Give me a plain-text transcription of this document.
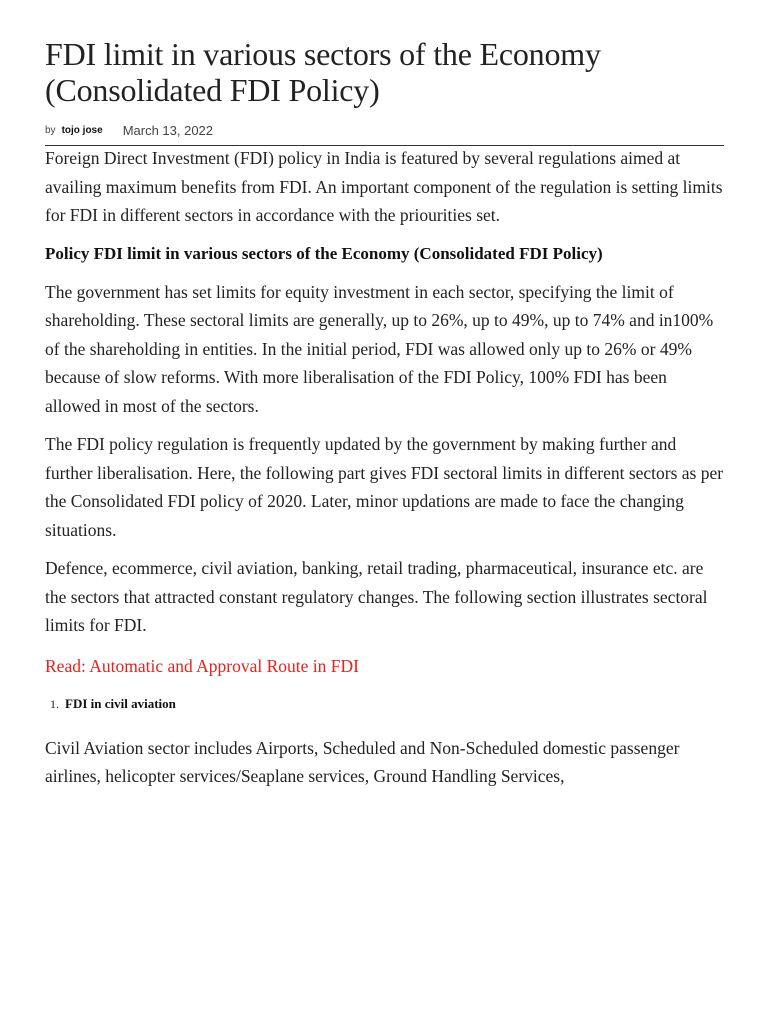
FDI limit in various sectors of the Economy (Consolidated FDI Policy)
by tojo jose March 13, 2022

Foreign Direct Investment (FDI) policy in India is featured by several regulations aimed at availing maximum benefits from FDI. An important component of the regulation is setting limits for FDI in different sectors in accordance with the priourities set.

Policy FDI limit in various sectors of the Economy (Consolidated FDI Policy)

The government has set limits for equity investment in each sector, specifying the limit of shareholding. These sectoral limits are generally, up to 26%, up to 49%, up to 74% and in100% of the shareholding in entities. In the initial period, FDI was allowed only up to 26% or 49% because of slow reforms. With more liberalisation of the FDI Policy, 100% FDI has been allowed in most of the sectors.

The FDI policy regulation is frequently updated by the government by making further and further liberalisation. Here, the following part gives FDI sectoral limits in different sectors as per the Consolidated FDI policy of 2020. Later, minor updations are made to face the changing situations.

Defence, ecommerce, civil aviation, banking, retail trading, pharmaceutical, insurance etc. are the sectors that attracted constant regulatory changes. The following section illustrates sectoral limits for FDI.

Read: Automatic and Approval Route in FDI

1. FDI in civil aviation

Civil Aviation sector includes Airports, Scheduled and Non-Scheduled domestic passenger airlines, helicopter services/Seaplane services, Ground Handling Services,
